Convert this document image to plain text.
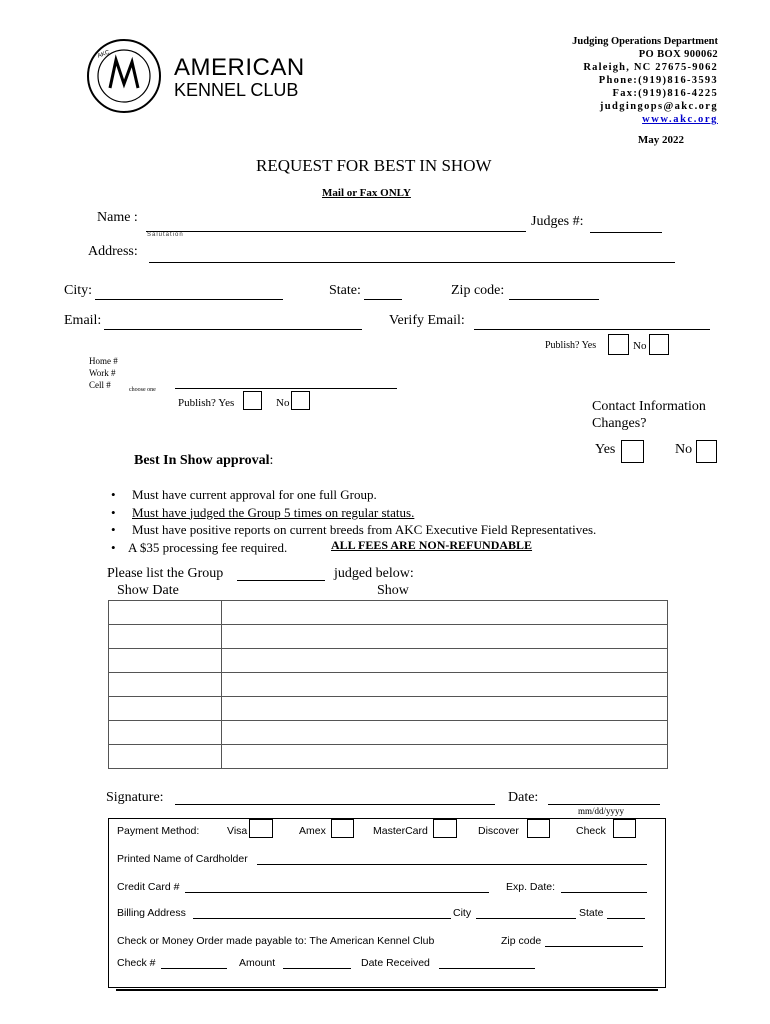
AKC	AMERICAN
KENNEL CLUB
Judging Operations Department
PO BOX 900062
Raleigh, NC 27675-9062
Phone:(919)816-3593
Fax:(919)816-4225
judgingops@akc.org
www.akc.org
May 2022
REQUEST FOR BEST IN SHOW
Mail or Fax ONLY
Name :
Salutation
Judges #:
Address:
City:	State:	Zip code:
Email:	Verify Email:
Publish? Yes	No
Home #
Work #
Cell #	choose one
Publish? Yes	No	Contact Information
Changes?
Yes	No
Best In Show approval:
• Must have current approval for one full Group.
• Must have judged the Group 5 times on regular status.
• Must have positive reports on current breeds from AKC Executive Field Representatives.
• A $35 processing fee required.	ALL FEES ARE NON-REFUNDABLE
Please list the Group	judged below:
Show Date	Show

Signature:	Date:
mm/dd/yyyy
Payment Method:	Visa	Amex	MasterCard	Discover	Check
Printed Name of Cardholder
Credit Card #	Exp. Date:
Billing Address	City	State
Check or Money Order made payable to: The American Kennel Club	Zip code
Check #	Amount	Date Received
